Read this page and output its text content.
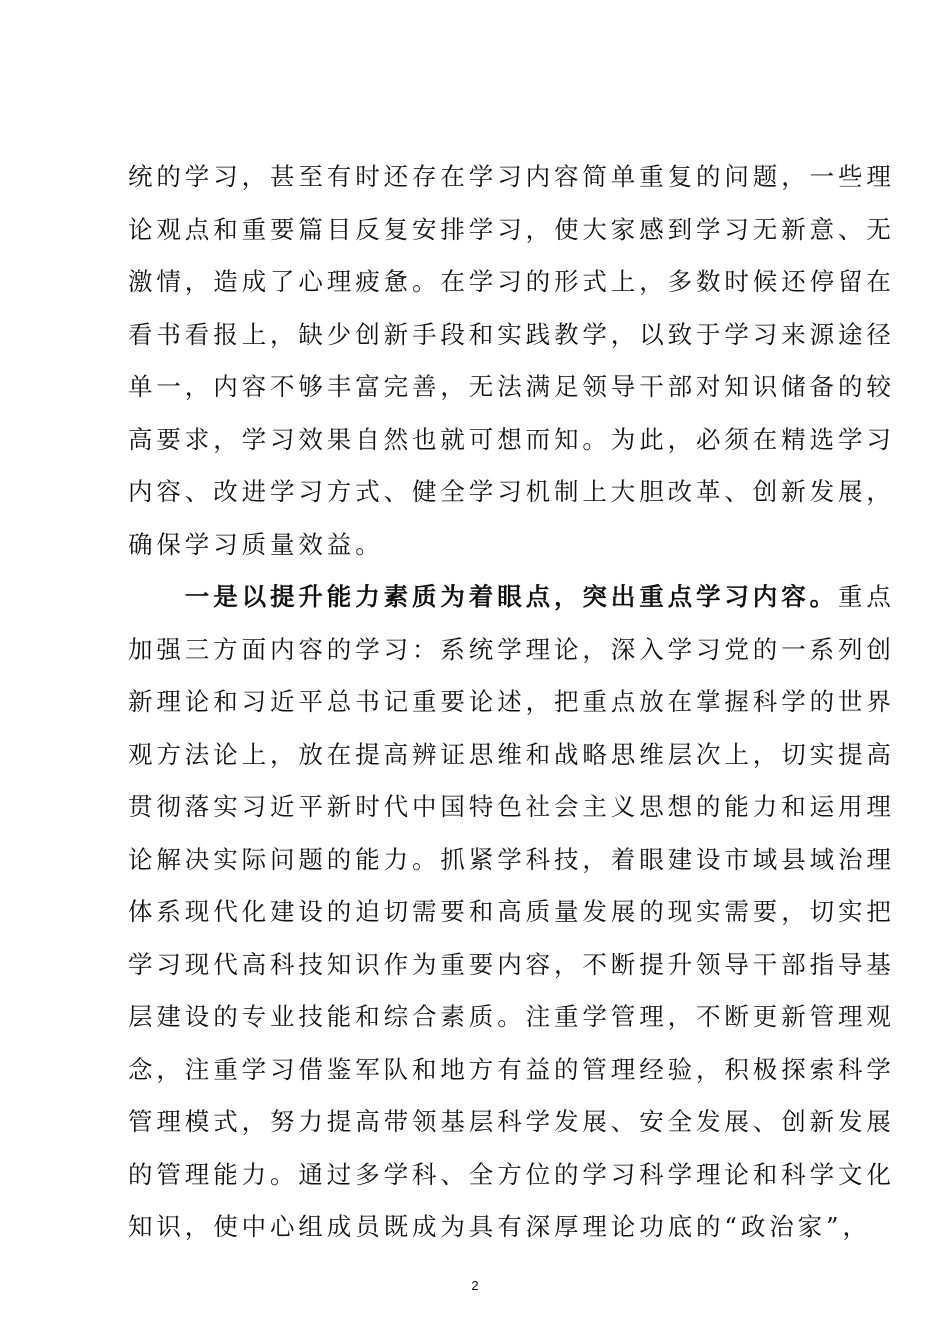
统的学习，甚至有时还存在学习内容简单重复的问题，一些理
论观点和重要篇目反复安排学习，使大家感到学习无新意、无
激情，造成了心理疲惫。在学习的形式上，多数时候还停留在
看书看报上，缺少创新手段和实践教学，以致于学习来源途径
单一，内容不够丰富完善，无法满足领导干部对知识储备的较
高要求，学习效果自然也就可想而知。为此，必须在精选学习
内容、改进学习方式、健全学习机制上大胆改革、创新发展，
确保学习质量效益。
一是以提升能力素质为着眼点，突出重点学习内容。重点
加强三方面内容的学习：系统学理论，深入学习党的一系列创
新理论和习近平总书记重要论述，把重点放在掌握科学的世界
观方法论上，放在提高辨证思维和战略思维层次上，切实提高
贯彻落实习近平新时代中国特色社会主义思想的能力和运用理
论解决实际问题的能力。抓紧学科技，着眼建设市域县域治理
体系现代化建设的迫切需要和高质量发展的现实需要，切实把
学习现代高科技知识作为重要内容，不断提升领导干部指导基
层建设的专业技能和综合素质。注重学管理，不断更新管理观
念，注重学习借鉴军队和地方有益的管理经验，积极探索科学
管理模式，努力提高带领基层科学发展、安全发展、创新发展
的管理能力。通过多学科、全方位的学习科学理论和科学文化
知识，使中心组成员既成为具有深厚理论功底的“政治家”，
2
